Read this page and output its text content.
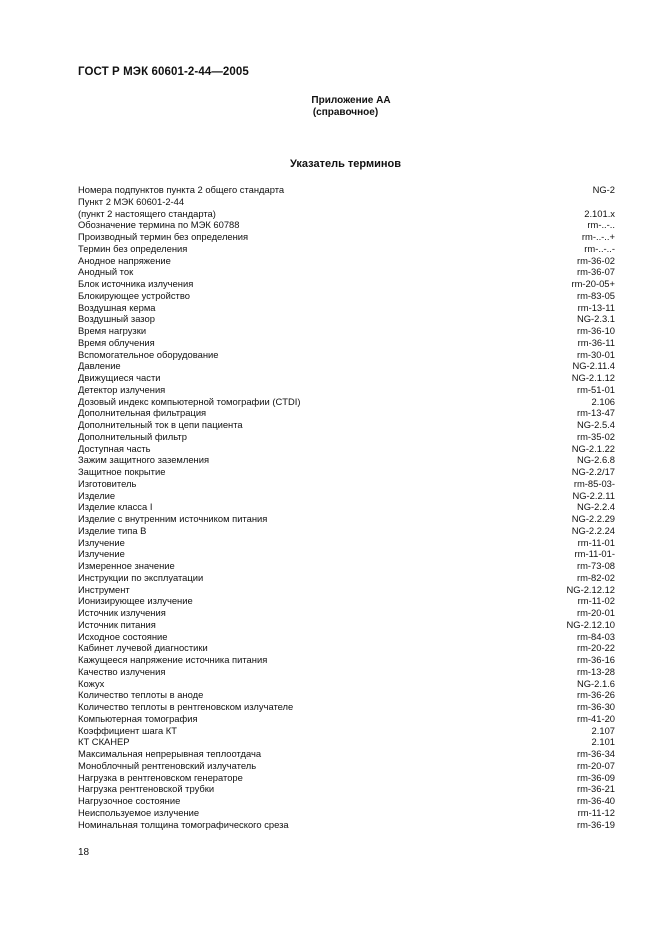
ГОСТ Р МЭК 60601-2-44—2005
Приложение АА
(справочное)
Указатель терминов
Номера подпунктов пункта 2 общего стандарта	NG-2
Пункт 2 МЭК 60601-2-44
(пункт 2 настоящего стандарта)	2.101.x
Обозначение термина по МЭК 60788	rm-..-..
Производный термин без определения	rm-..-..+
Термин без определения	rm-..-..-
Анодное напряжение	rm-36-02
Анодный ток	rm-36-07
Блок источника излучения	rm-20-05+
Блокирующее устройство	rm-83-05
Воздушная керма	rm-13-11
Воздушный зазор	NG-2.3.1
Время нагрузки	rm-36-10
Время облучения	rm-36-11
Вспомогательное оборудование	rm-30-01
Давление	NG-2.11.4
Движущиеся части	NG-2.1.12
Детектор излучения	rm-51-01
Дозовый индекс компьютерной томографии (CTDI)	2.106
Дополнительная фильтрация	rm-13-47
Дополнительный ток в цепи пациента	NG-2.5.4
Дополнительный фильтр	rm-35-02
Доступная часть	NG-2.1.22
Зажим защитного заземления	NG-2.6.8
Защитное покрытие	NG-2.2/17
Изготовитель	rm-85-03-
Изделие	NG-2.2.11
Изделие класса I	NG-2.2.4
Изделие с внутренним источником питания	NG-2.2.29
Изделие типа В	NG-2.2.24
Излучение	rm-11-01
Излучение	rm-11-01-
Измеренное значение	rm-73-08
Инструкции по эксплуатации	rm-82-02
Инструмент	NG-2.12.12
Ионизирующее излучение	rm-11-02
Источник излучения	rm-20-01
Источник питания	NG-2.12.10
Исходное состояние	rm-84-03
Кабинет лучевой диагностики	rm-20-22
Кажущееся напряжение источника питания	rm-36-16
Качество излучения	rm-13-28
Кожух	NG-2.1.6
Количество теплоты в аноде	rm-36-26
Количество теплоты в рентгеновском излучателе	rm-36-30
Компьютерная томография	rm-41-20
Коэффициент шага КТ	2.107
КТ СКАНЕР	2.101
Максимальная непрерывная теплоотдача	rm-36-34
Моноблочный рентгеновский излучатель	rm-20-07
Нагрузка в рентгеновском генераторе	rm-36-09
Нагрузка рентгеновской трубки	rm-36-21
Нагрузочное состояние	rm-36-40
Неиспользуемое излучение	rm-11-12
Номинальная толщина томографического среза	rm-36-19
18
